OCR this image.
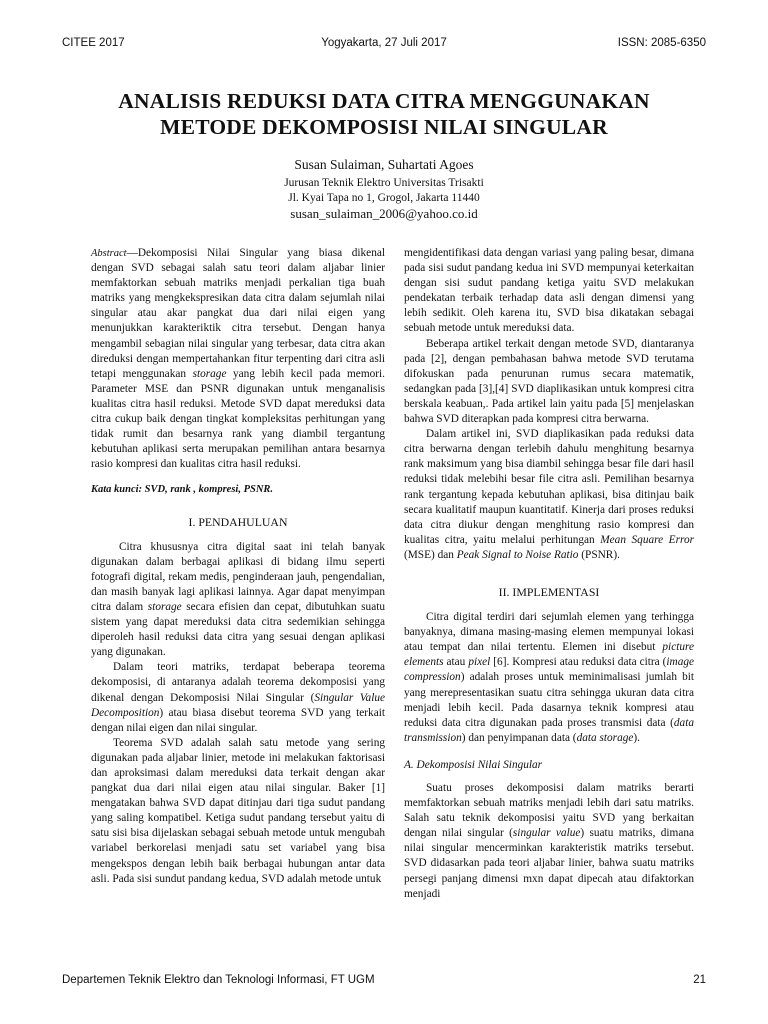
CITEE 2017	Yogyakarta, 27 Juli 2017	ISSN: 2085-6350
ANALISIS REDUKSI DATA CITRA MENGGUNAKAN
METODE DEKOMPOSISI NILAI SINGULAR
Susan Sulaiman, Suhartati Agoes
Jurusan Teknik Elektro Universitas Trisakti
Jl. Kyai Tapa no 1, Grogol, Jakarta 11440
susan_sulaiman_2006@yahoo.co.id

Abstract—Dekomposisi Nilai Singular yang biasa dikenal dengan SVD sebagai salah satu teori dalam aljabar linier memfaktorkan sebuah matriks menjadi perkalian tiga buah matriks yang mengkekspresikan data citra dalam sejumlah nilai singular atau akar pangkat dua dari nilai eigen yang menunjukkan karakteriktik citra tersebut. Dengan hanya mengambil sebagian nilai singular yang terbesar, data citra akan direduksi dengan mempertahankan fitur terpenting dari citra asli tetapi menggunakan storage yang lebih kecil pada memori. Parameter MSE dan PSNR digunakan untuk menganalisis kualitas citra hasil reduksi. Metode SVD dapat mereduksi data citra cukup baik dengan tingkat kompleksitas perhitungan yang tidak rumit dan besarnya rank yang diambil tergantung kebutuhan aplikasi serta merupakan pemilihan antara besarnya rasio kompresi dan kualitas citra hasil reduksi.

Kata kunci: SVD, rank , kompresi, PSNR.

I. PENDAHULUAN

Citra khususnya citra digital saat ini telah banyak digunakan dalam berbagai aplikasi di bidang ilmu seperti fotografi digital, rekam medis, penginderaan jauh, pengendalian, dan masih banyak lagi aplikasi lainnya. Agar dapat menyimpan citra dalam storage secara efisien dan cepat, dibutuhkan suatu sistem yang dapat mereduksi data citra sedemikian sehingga diperoleh hasil reduksi data citra yang sesuai dengan aplikasi yang digunakan.

Dalam teori matriks, terdapat beberapa teorema dekomposisi, di antaranya adalah teorema dekomposisi yang dikenal dengan Dekomposisi Nilai Singular (Singular Value Decomposition) atau biasa disebut teorema SVD yang terkait dengan nilai eigen dan nilai singular.

Teorema SVD adalah salah satu metode yang sering digunakan pada aljabar linier, metode ini melakukan faktorisasi dan aproksimasi dalam mereduksi data terkait dengan akar pangkat dua dari nilai eigen atau nilai singular. Baker [1] mengatakan bahwa SVD dapat ditinjau dari tiga sudut pandang yang saling kompatibel. Ketiga sudut pandang tersebut yaitu di satu sisi bisa dijelaskan sebagai sebuah metode untuk mengubah variabel berkorelasi menjadi satu set variabel yang bisa mengekspos dengan lebih baik berbagai hubungan antar data asli. Pada sisi sundut pandang kedua, SVD adalah metode untuk

mengidentifikasi data dengan variasi yang paling besar, dimana pada sisi sudut pandang kedua ini SVD mempunyai keterkaitan dengan sisi sudut pandang ketiga yaitu SVD melakukan pendekatan terbaik terhadap data asli dengan dimensi yang lebih sedikit. Oleh karena itu, SVD bisa dikatakan sebagai sebuah metode untuk mereduksi data.

Beberapa artikel terkait dengan metode SVD, diantaranya pada [2], dengan pembahasan bahwa metode SVD terutama difokuskan pada penurunan rumus secara matematik, sedangkan pada [3],[4] SVD diaplikasikan untuk kompresi citra berskala keabuan,. Pada artikel lain yaitu pada [5] menjelaskan bahwa SVD diterapkan pada kompresi citra berwarna.

Dalam artikel ini, SVD diaplikasikan pada reduksi data citra berwarna dengan terlebih dahulu menghitung besarnya rank maksimum yang bisa diambil sehingga besar file dari hasil reduksi tidak melebihi besar file citra asli. Pemilihan besarnya rank tergantung kepada kebutuhan aplikasi, bisa ditinjau baik secara kualitatif maupun kuantitatif. Kinerja dari proses reduksi data citra diukur dengan menghitung rasio kompresi dan kualitas citra, yaitu melalui perhitungan Mean Square Error (MSE) dan Peak Signal to Noise Ratio (PSNR).

II. IMPLEMENTASI

Citra digital terdiri dari sejumlah elemen yang terhingga banyaknya, dimana masing-masing elemen mempunyai lokasi atau tempat dan nilai tertentu. Elemen ini disebut picture elements atau pixel [6]. Kompresi atau reduksi data citra (image compression) adalah proses untuk meminimalisasi jumlah bit yang merepresentasikan suatu citra sehingga ukuran data citra menjadi lebih kecil. Pada dasarnya teknik kompresi atau reduksi data citra digunakan pada proses transmisi data (data transmission) dan penyimpanan data (data storage).

A. Dekomposisi Nilai Singular

Suatu proses dekomposisi dalam matriks berarti memfaktorkan sebuah matriks menjadi lebih dari satu matriks. Salah satu teknik dekomposisi yaitu SVD yang berkaitan dengan nilai singular (singular value) suatu matriks, dimana nilai singular mencerminkan karakteristik matriks tersebut. SVD didasarkan pada teori aljabar linier, bahwa suatu matriks persegi panjang dimensi mxn dapat dipecah atau difaktorkan menjadi

Departemen Teknik Elektro dan Teknologi Informasi, FT UGM	21
